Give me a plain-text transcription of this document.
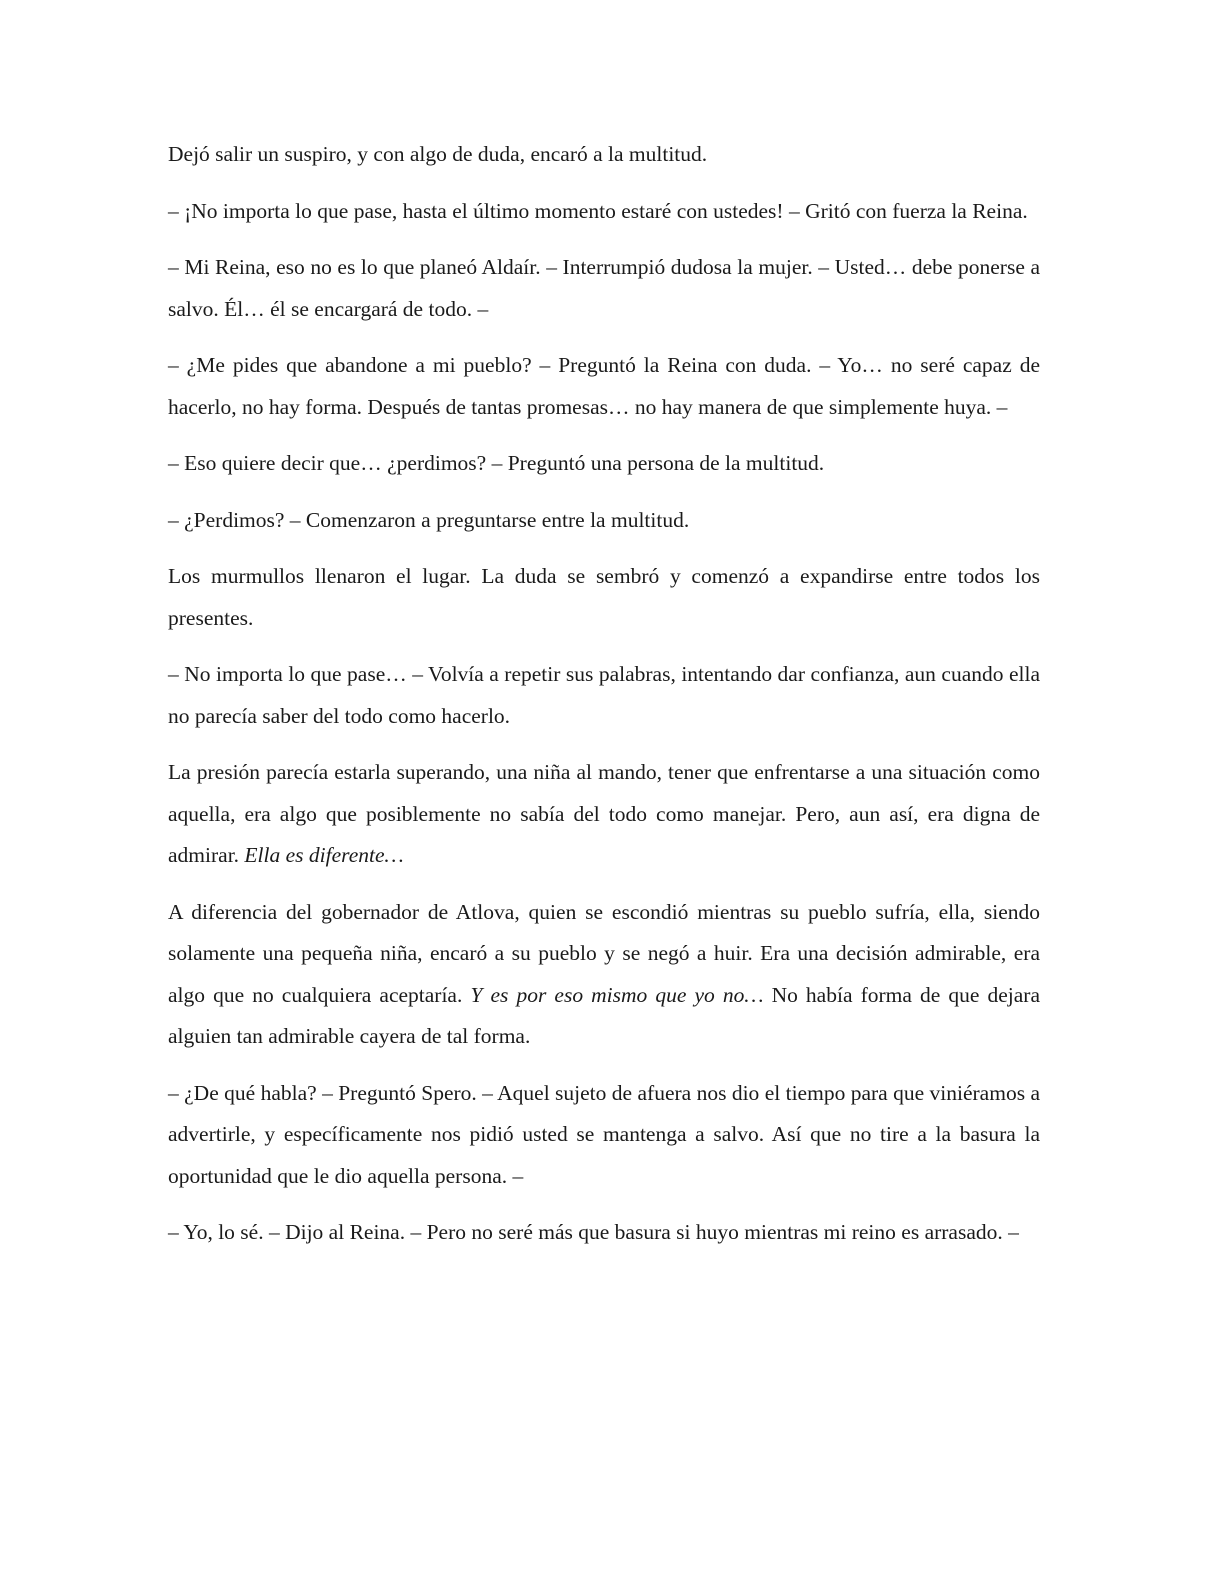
Dejó salir un suspiro, y con algo de duda, encaró a la multitud.

– ¡No importa lo que pase, hasta el último momento estaré con ustedes! – Gritó con fuerza la Reina.

– Mi Reina, eso no es lo que planeó Aldaír. – Interrumpió dudosa la mujer. – Usted… debe ponerse a salvo. Él… él se encargará de todo. –

– ¿Me pides que abandone a mi pueblo? – Preguntó la Reina con duda. – Yo… no seré capaz de hacerlo, no hay forma. Después de tantas promesas… no hay manera de que simplemente huya. –

– Eso quiere decir que… ¿perdimos? – Preguntó una persona de la multitud.

– ¿Perdimos? – Comenzaron a preguntarse entre la multitud.

Los murmullos llenaron el lugar. La duda se sembró y comenzó a expandirse entre todos los presentes.

– No importa lo que pase… – Volvía a repetir sus palabras, intentando dar confianza, aun cuando ella no parecía saber del todo como hacerlo.

La presión parecía estarla superando, una niña al mando, tener que enfrentarse a una situación como aquella, era algo que posiblemente no sabía del todo como manejar. Pero, aun así, era digna de admirar. Ella es diferente…

A diferencia del gobernador de Atlova, quien se escondió mientras su pueblo sufría, ella, siendo solamente una pequeña niña, encaró a su pueblo y se negó a huir. Era una decisión admirable, era algo que no cualquiera aceptaría. Y es por eso mismo que yo no… No había forma de que dejara alguien tan admirable cayera de tal forma.

– ¿De qué habla? – Preguntó Spero. – Aquel sujeto de afuera nos dio el tiempo para que viniéramos a advertirle, y específicamente nos pidió usted se mantenga a salvo. Así que no tire a la basura la oportunidad que le dio aquella persona. –

– Yo, lo sé. – Dijo al Reina. – Pero no seré más que basura si huyo mientras mi reino es arrasado. –
